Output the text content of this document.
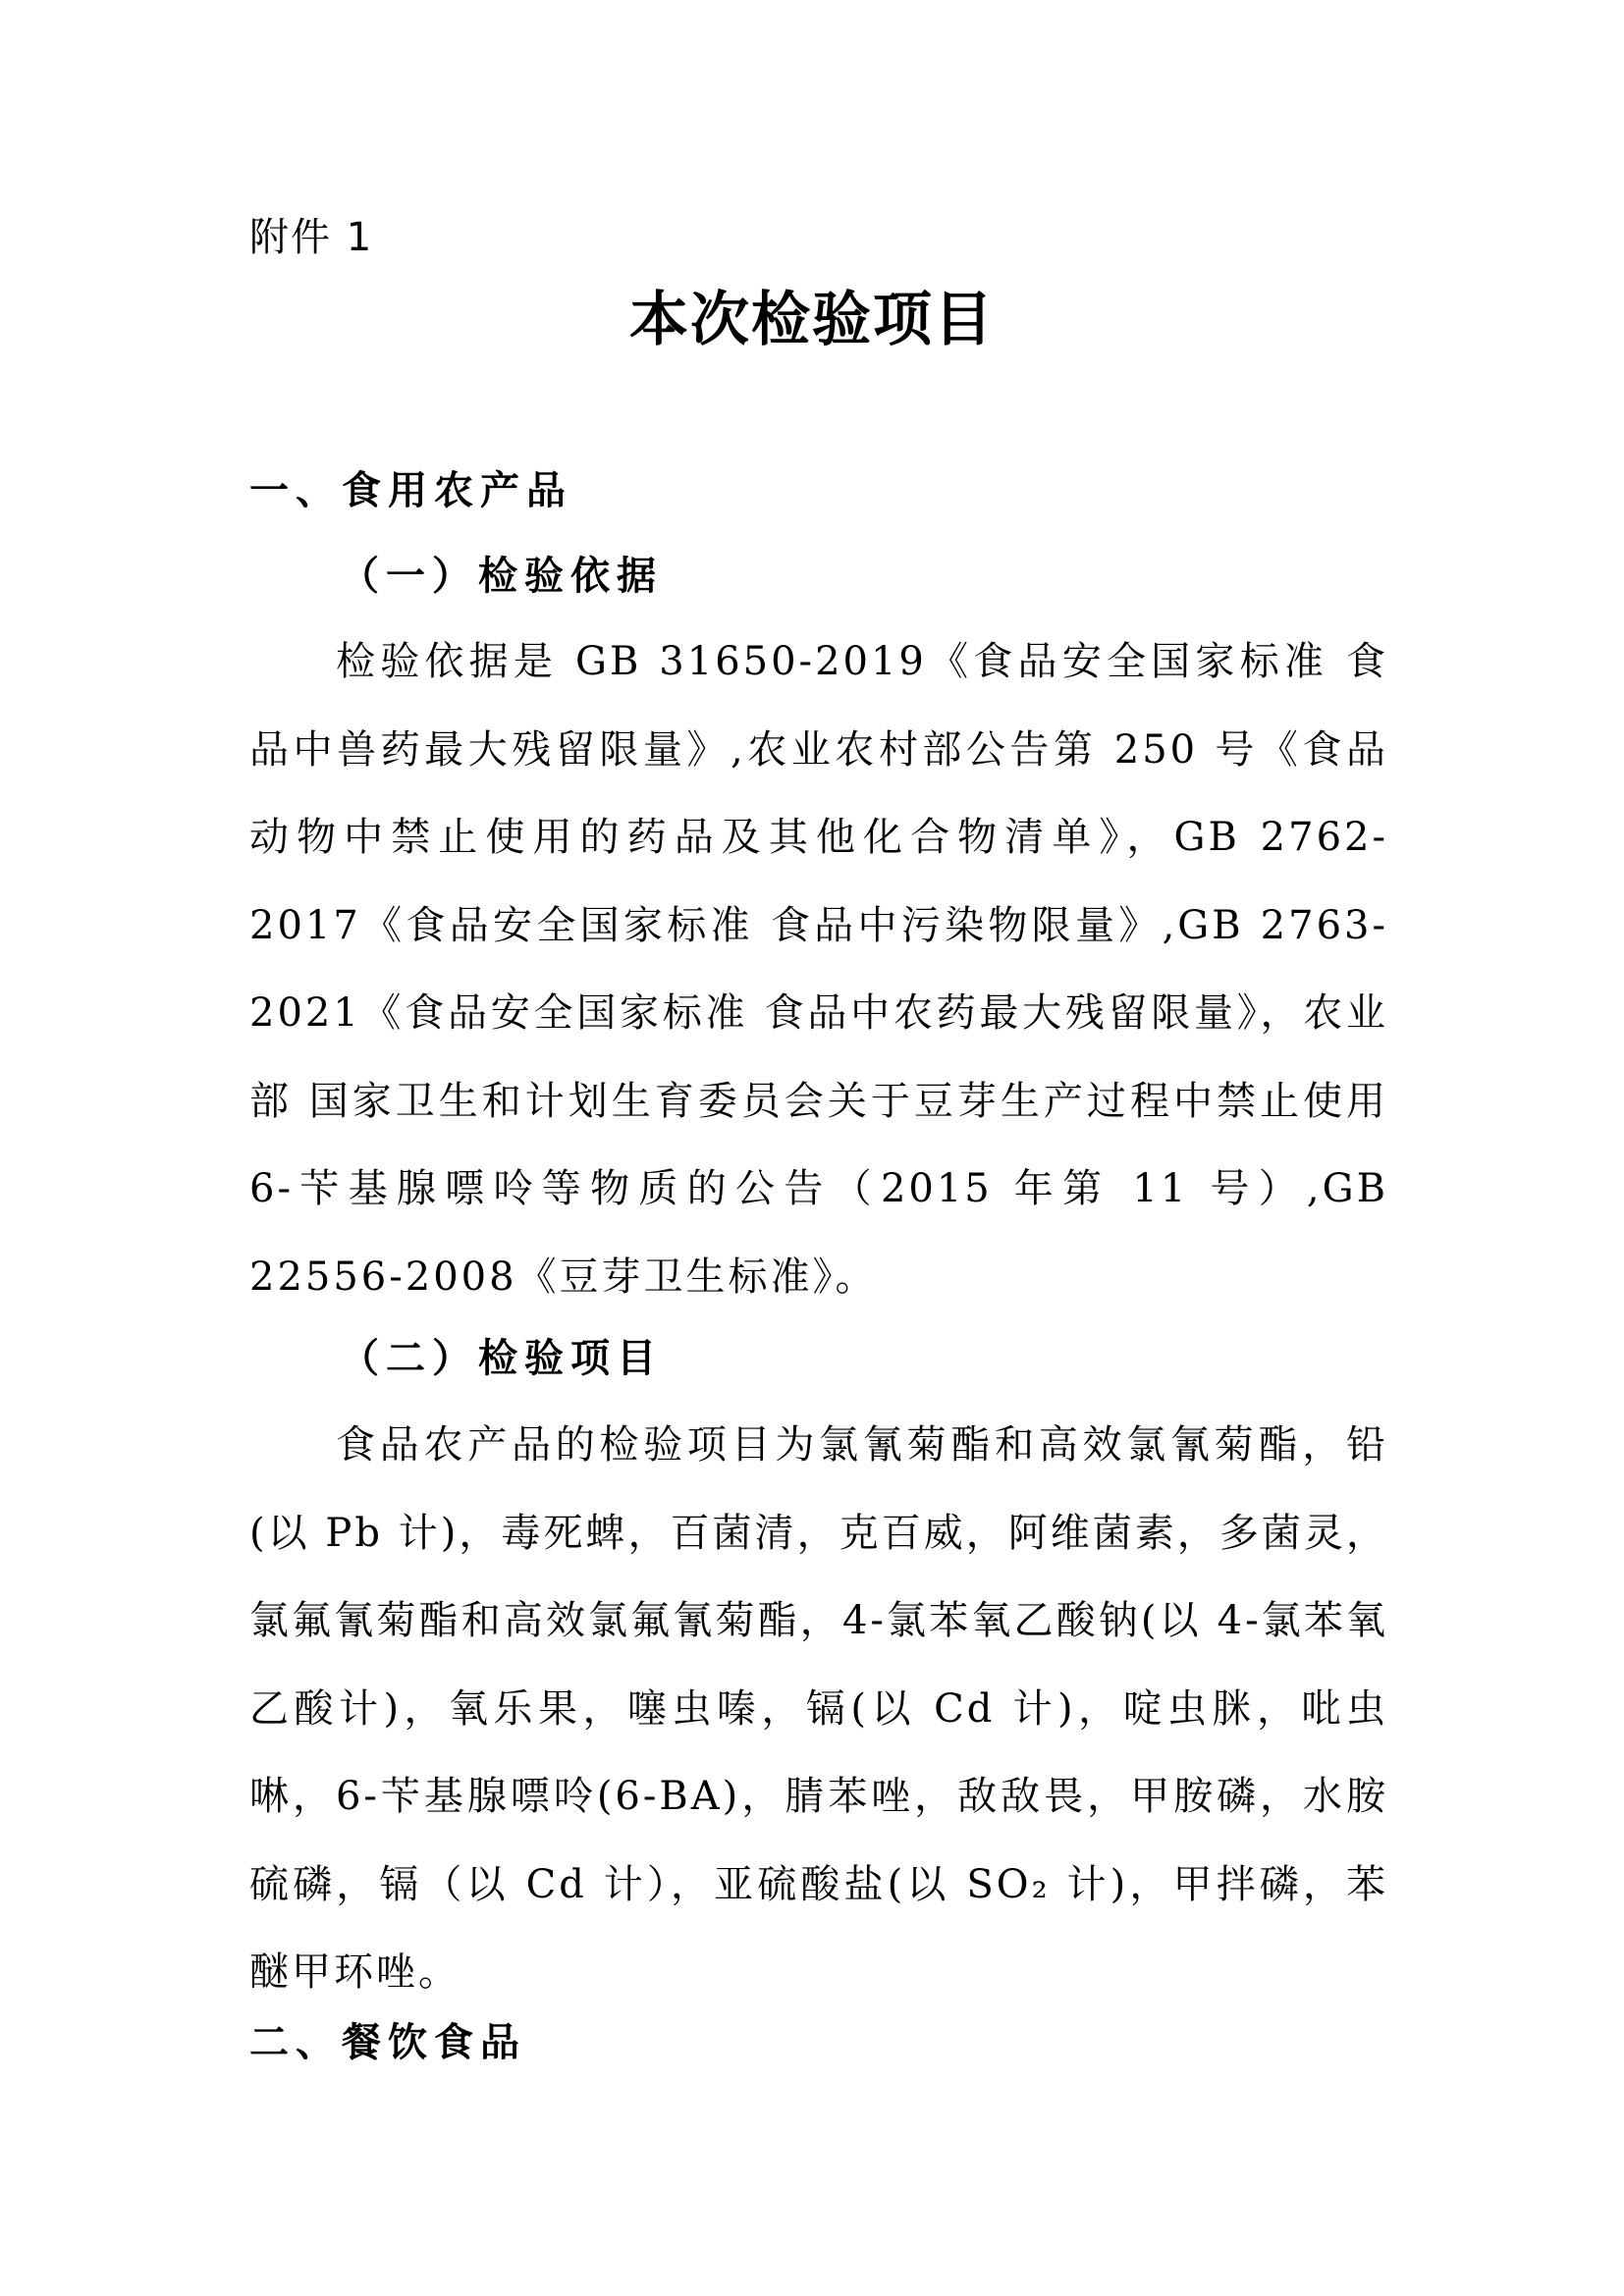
附件 1
本次检验项目
一、食用农产品
（一）检验依据

检验依据是 GB 31650-2019《食品安全国家标准 食品中兽药最大残留限量》,农业农村部公告第 250 号《食品动物中禁止使用的药品及其他化合物清单》，GB 2762-2017《食品安全国家标准 食品中污染物限量》,GB 2763-2021《食品安全国家标准 食品中农药最大残留限量》，农业部 国家卫生和计划生育委员会关于豆芽生产过程中禁止使用 6-苄基腺嘌呤等物质的公告（2015 年第 11 号）,GB 22556-2008《豆芽卫生标准》。

（二）检验项目

食品农产品的检验项目为氯氰菊酯和高效氯氰菊酯，铅(以 Pb 计)，毒死蜱，百菌清，克百威，阿维菌素，多菌灵，氯氟氰菊酯和高效氯氟氰菊酯，4-氯苯氧乙酸钠(以 4-氯苯氧乙酸计)，氧乐果，噻虫嗪，镉(以 Cd 计)，啶虫脒，吡虫啉，6-苄基腺嘌呤(6-BA)，腈苯唑，敌敌畏，甲胺磷，水胺硫磷，镉（以 Cd 计），亚硫酸盐(以 SO₂ 计)，甲拌磷，苯醚甲环唑。

二、餐饮食品
